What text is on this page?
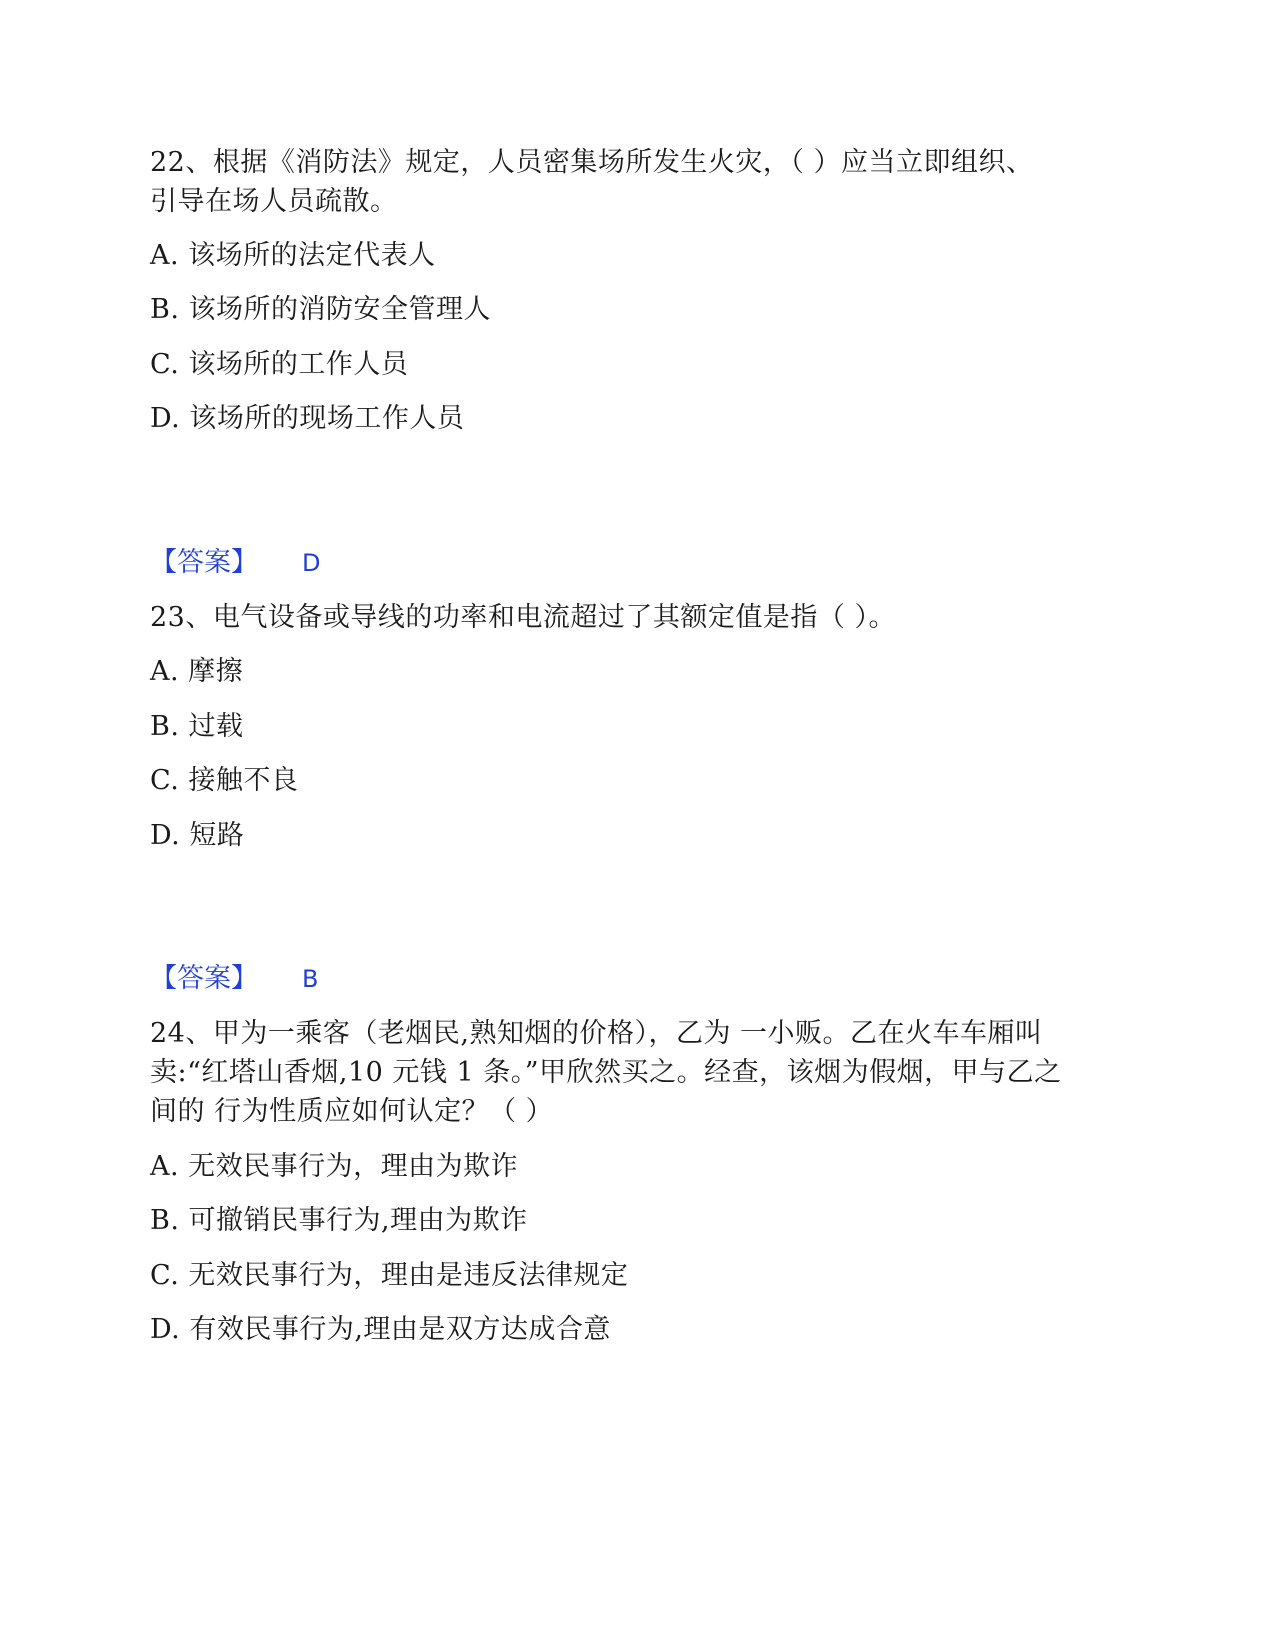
22、根据《消防法》规定，人员密集场所发生火灾，（ ）应当立即组织、
引导在场人员疏散。
A. 该场所的法定代表人
B. 该场所的消防安全管理人
C. 该场所的工作人员
D. 该场所的现场工作人员
【答案】 D
23、电气设备或导线的功率和电流超过了其额定值是指（ ）。
A. 摩擦
B. 过载
C. 接触不良
D. 短路
【答案】 B
24、甲为一乘客（老烟民,熟知烟的价格），乙为 一小贩。乙在火车车厢叫
卖:“红塔山香烟,10 元钱 1 条。”甲欣然买之。经查，该烟为假烟，甲与乙之
间的 行为性质应如何认定？（ ）
A. 无效民事行为，理由为欺诈
B. 可撤销民事行为,理由为欺诈
C. 无效民事行为，理由是违反法律规定
D. 有效民事行为,理由是双方达成合意
